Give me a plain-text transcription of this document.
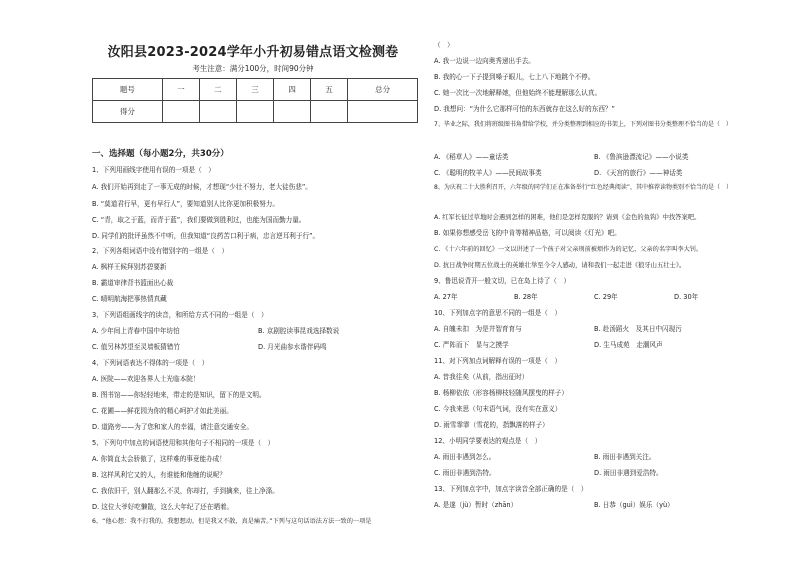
汝阳县2023-2024学年小升初易错点语文检测卷
考生注意：满分100分，时间90分钟
题号	一	二	三	四	五	总分
得分						
一、选择题（每小题2分，共30分）
1、下列用画线字使用有误的一项是（　）
A. 我们开始再到走了一事无成的时候，才想现“少壮不努力，老大徒伤悲”。
B. “莫道君行早，更有早行人”，要知道别人比你更加积极努力。
C. “青，取之于蓝，而青于蓝”，我们要做到胜利过，也能为国而勤力量。
D. 同学们的批评虽然不中听，但我知道“良药苦口利于病，忠言逆耳利于行”。
2、下列各组词语中没有错别字的一组是（　）
A. 枫样王候拜别苏碧要新
B. 霸道审律背书篮面出心裁
C. 晴明航海把事热情真藏
3、下列语组画线字的读音，和所给方式不同的一组是（　）
A. 少年间上青春中国中年坊怕	B. 京剧腔读事昆戏选择数说
C. 值另林苏望至灵墙板猜错竹	D. 月光曲参水谐伴码鸣
4、下列词语表达不得体的一项是（　）
A. 医院——欢迎各界人士光临本院！
B. 图书馆——你轻轻地来，带走的是知识，留下的是文明。
C. 花圃——鲜花园为你的精心呵护才如此美丽。
D. 道路旁——为了您和家人的幸福，请注意交通安全。
5、下列句中加点的词语使用和其他句子不相同的一项是（　）
A. 你简直太会骄傲了，这样难的事竟能办成！
B. 这样风利它又的人，有谁能和他缠的说呢？
C. 我依旧干，别人翻那么不灵，你却打，手到擒来，往上净涤。
D. 这位大爷好吃懒散，这么大年纪了还在晒着。
6、“他心想：我不打我的，我想想动，但是我又不散，真是痛苦。”下列与这句话语法方法一致的一项是
（　）
A. 我一边说一边向奥秀递出手去。
B. 我的心一下子提到嗓子眼儿，七上八下地跳个不停。
C. 她一次比一次地解释她，但他始终不能理解那么认真。
D. 我想问：“为什么它那样可怕的东西就存在这么好的东西？”
7、毕业之际，我们将班级图书角借给学校，并分类整理到相应的书架上，下列对图书分类整理不恰当的是（　）
A. 《稻草人》——童话类	B. 《鲁滨逊漂流记》——小说类
C. 《聪明的牧羊人》——民间故事类	D. 《天宫的旅行》——神话类
8、为庆祝二十大胜利召开，六年级的同学们正在准备举行“红色经典阅读”，其中推荐读物类别不恰当的是（　）
A. 红军长征过草地时会遇到怎样的困难，他们是怎样克服的？请到《金色的鱼钩》中找答案吧。
B. 如果你想感受岳飞的中肯等精神品格，可以阅读《灯光》吧。
C. 《十六年前的回忆》一文以讲述了一个孩子对父亲刑前被烦作为的记忆，父亲的名字叫李大钊。
D. 抗日战争时期五位战士的英雄壮举至今令人感动，请和我们一起走进《狼牙山五壮士》。
9、鲁迅说背开一般文切，已在岛上待了（　）
A. 27年	B. 28年	C. 29年	D. 30年
10、下列加点字的意思不同的一组是（　）
A. 自魄未扣　为是井智育育与	B. 赴汤蹈火　及其日中闪现污
C. 严阵而下　显与之摸学	D. 生马成苑　走潮风声
11、对下列加点词解释有误的一项是（　）
A. 昔我往矣（从前，指出征时）
B. 杨柳依依（形容杨柳枝轻随风摆曳的样子）
C. 今我来思（句末语气词，没有实在意义）
D. 雨雪霏霏（雪花的，指飘落的样子）
12、小明同学要表达的观点是（　）
A. 雨田非遇到怎么。	B. 雨田非遇到关注。
C. 雨田非遇到浩特。	D. 雨田非遇到爱浩特。
13、下列加点字中，加点字读音全部正确的是（　）
A. 是遂（jù）暂时（zhān）	B. 日恭（guì）娱乐（yù）
